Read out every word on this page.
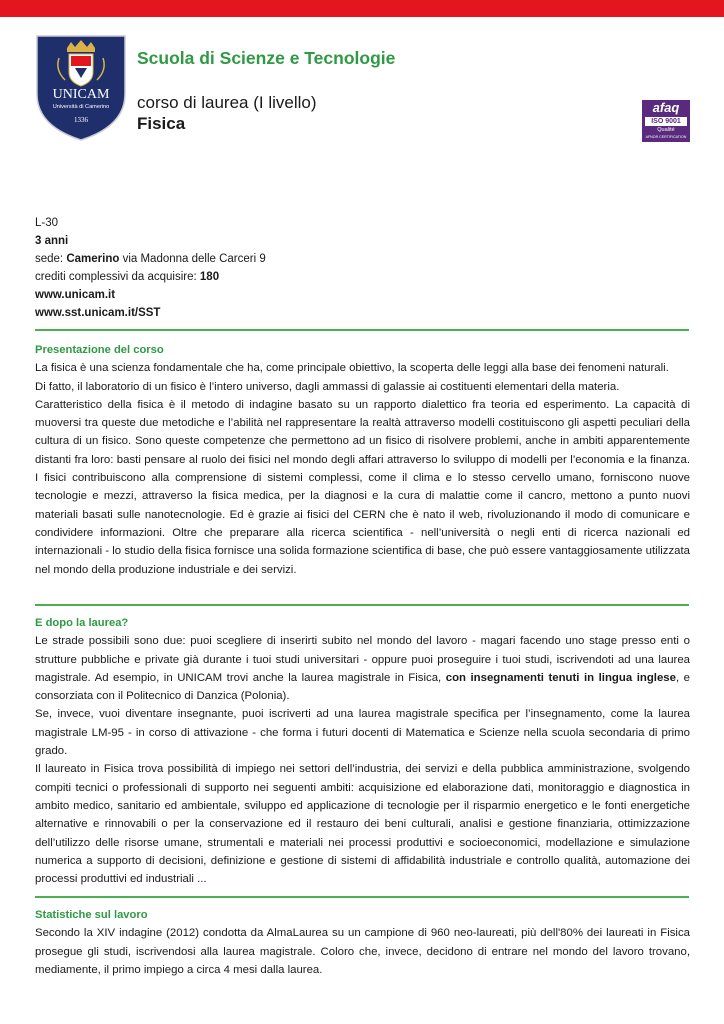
UNICAM
Università di Camerino
1336
Scuola di Scienze e Tecnologie
corso di laurea (I livello)
Fisica
afaq
ISO 9001
Qualité
AFNOR CERTIFICATION
L-30
3 anni
sede: Camerino via Madonna delle Carceri 9
crediti complessivi da acquisire: 180
www.unicam.it
www.sst.unicam.it/SST
Presentazione del corso

La fisica è una scienza fondamentale che ha, come principale obiettivo, la scoperta delle leggi alla base dei fenomeni naturali.

Di fatto, il laboratorio di un fisico è l’intero universo, dagli ammassi di galassie ai costituenti elementari della materia.

Caratteristico della fisica è il metodo di indagine basato su un rapporto dialettico fra teoria ed esperimento. La capacità di muoversi tra queste due metodiche e l’abilità nel rappresentare la realtà attraverso modelli costituiscono gli aspetti peculiari della cultura di un fisico. Sono queste competenze che permettono ad un fisico di risolvere problemi, anche in ambiti apparentemente distanti fra loro: basti pensare al ruolo dei fisici nel mondo degli affari attraverso lo sviluppo di modelli per l’economia e la finanza. I fisici contribuiscono alla comprensione di sistemi complessi, come il clima e lo stesso cervello umano, forniscono nuove tecnologie e mezzi, attraverso la fisica medica, per la diagnosi e la cura di malattie come il cancro, mettono a punto nuovi materiali basati sulle nanotecnologie. Ed è grazie ai fisici del CERN che è nato il web, rivoluzionando il modo di comunicare e condividere informazioni. Oltre che preparare alla ricerca scientifica - nell’università o negli enti di ricerca nazionali ed internazionali - lo studio della fisica fornisce una solida formazione scientifica di base, che può essere vantaggiosamente utilizzata nel mondo della produzione industriale e dei servizi.

E dopo la laurea?

Le strade possibili sono due: puoi scegliere di inserirti subito nel mondo del lavoro - magari facendo uno stage presso enti o strutture pubbliche e private già durante i tuoi studi universitari - oppure puoi proseguire i tuoi studi, iscrivendoti ad una laurea magistrale. Ad esempio, in UNICAM trovi anche la laurea magistrale in Fisica, con insegnamenti tenuti in lingua inglese, e consorziata con il Politecnico di Danzica (Polonia).

Se, invece, vuoi diventare insegnante, puoi iscriverti ad una laurea magistrale specifica per l’insegnamento, come la laurea magistrale LM-95 - in corso di attivazione - che forma i futuri docenti di Matematica e Scienze nella scuola secondaria di primo grado.

Il laureato in Fisica trova possibilità di impiego nei settori dell’industria, dei servizi e della pubblica amministrazione, svolgendo compiti tecnici o professionali di supporto nei seguenti ambiti: acquisizione ed elaborazione dati, monitoraggio e diagnostica in ambito medico, sanitario ed ambientale, sviluppo ed applicazione di tecnologie per il risparmio energetico e le fonti energetiche alternative e rinnovabili o per la conservazione ed il restauro dei beni culturali, analisi e gestione finanziaria, ottimizzazione dell’utilizzo delle risorse umane, strumentali e materiali nei processi produttivi e socioeconomici, modellazione e simulazione numerica a supporto di decisioni, definizione e gestione di sistemi di affidabilità industriale e controllo qualità, automazione dei processi produttivi ed industriali ...

Statistiche sul lavoro

Secondo la XIV indagine (2012) condotta da AlmaLaurea su un campione di 960 neo-laureati, più dell'80% dei laureati in Fisica prosegue gli studi, iscrivendosi alla laurea magistrale. Coloro che, invece, decidono di entrare nel mondo del lavoro trovano, mediamente, il primo impiego a circa 4 mesi dalla laurea.
